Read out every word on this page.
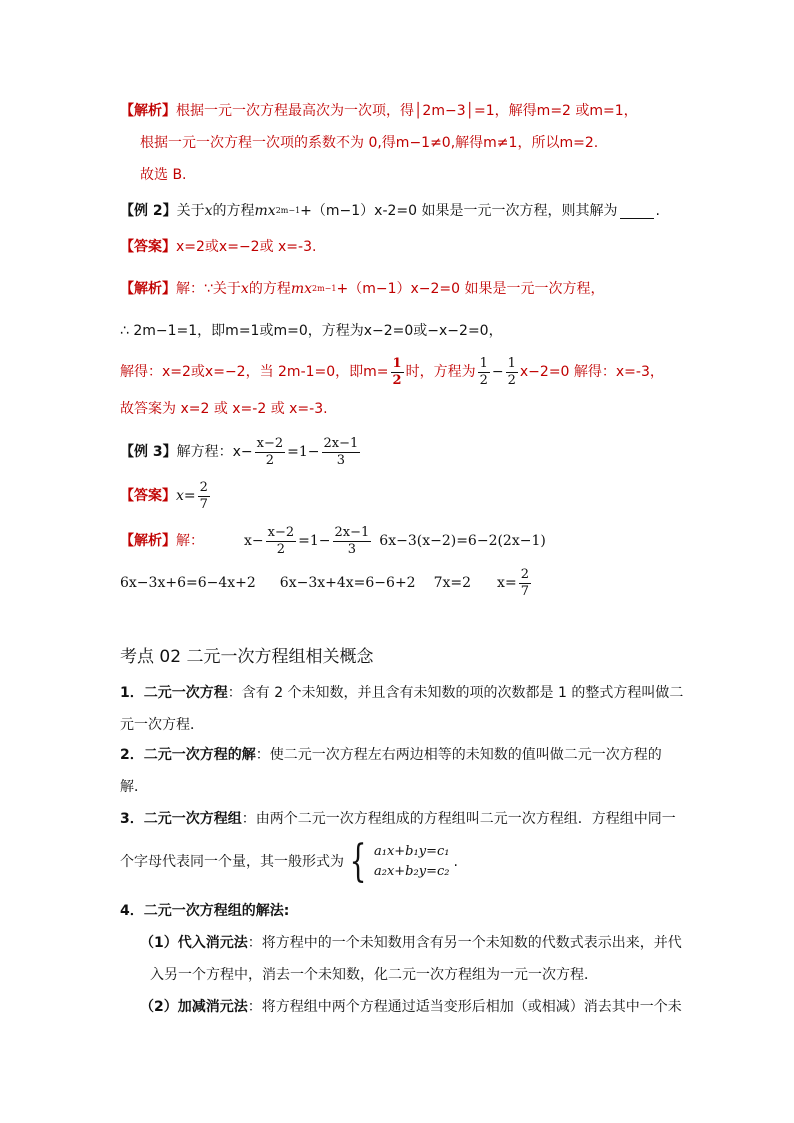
【解析】 根据一元一次方程最高次为一次项，得│2m−3│=1，解得m=2 或m=1，
根据一元一次方程一次项的系数不为 0,得m−1≠0,解得m≠1，所以m=2.
故选 B.
【例 2】 关于 x 的方程 mx 2m−1 +（m−1）x-2=0 如果是一元一次方程，则其解为	.
【答案】 x=2或x=−2或 x=-3.
【解析】 解： ∵关于 x 的方程 mx 2m−1 +（m−1）x−2=0 如果是一元一次方程，
∴ 2m−1=1，即m=1或m=0，方程为x−2=0或−x−2=0，
解得：x=2或x=−2，当 2m-1=0，即$m= \frac{1}{2}$ 时，方程为 $\frac{1}{2} - \frac{1}{2} x-2=0$ 解得：x=-3，
故答案为 x=2 或 x=-2 或 x=-3.
【例 3】 解方程：$x- \frac{x-2}{2} =1- \frac{2x-1}{3}$
【答案】 $x= \frac{2}{7}$
【解析】 解：	$x- \frac{x-2}{2} =1- \frac{2x-1}{3} 6x-3(x-2)=6-2(2x-1)$
6x−3x+6=6−4x+2 6x−3x+4x=6−6+2 7x=2 $x= \frac{2}{7}$
考点 02 二元一次方程组相关概念
1． 二元一次方程 ：含有 2 个未知数，并且含有未知数的项的次数都是 1 的整式方程叫做二
元一次方程．
2． 二元一次方程的解 ：使二元一次方程左右两边相等的未知数的值叫做二元一次方程的
解．
3． 二元一次方程组 ：由两个二元一次方程组成的方程组叫二元一次方程组．方程组中同一
个字母代表同一个量，其一般形式为 { a₁x+b₁y=c₁
a₂x+b₂y=c₂
.
4． 二元一次方程组的解法:
（1） 代入消元法 ：将方程中的一个未知数用含有另一个未知数的代数式表示出来，并代
入另一个方程中，消去一个未知数，化二元一次方程组为一元一次方程．
（2） 加减消元法 ：将方程组中两个方程通过适当变形后相加（或相减）消去其中一个未
